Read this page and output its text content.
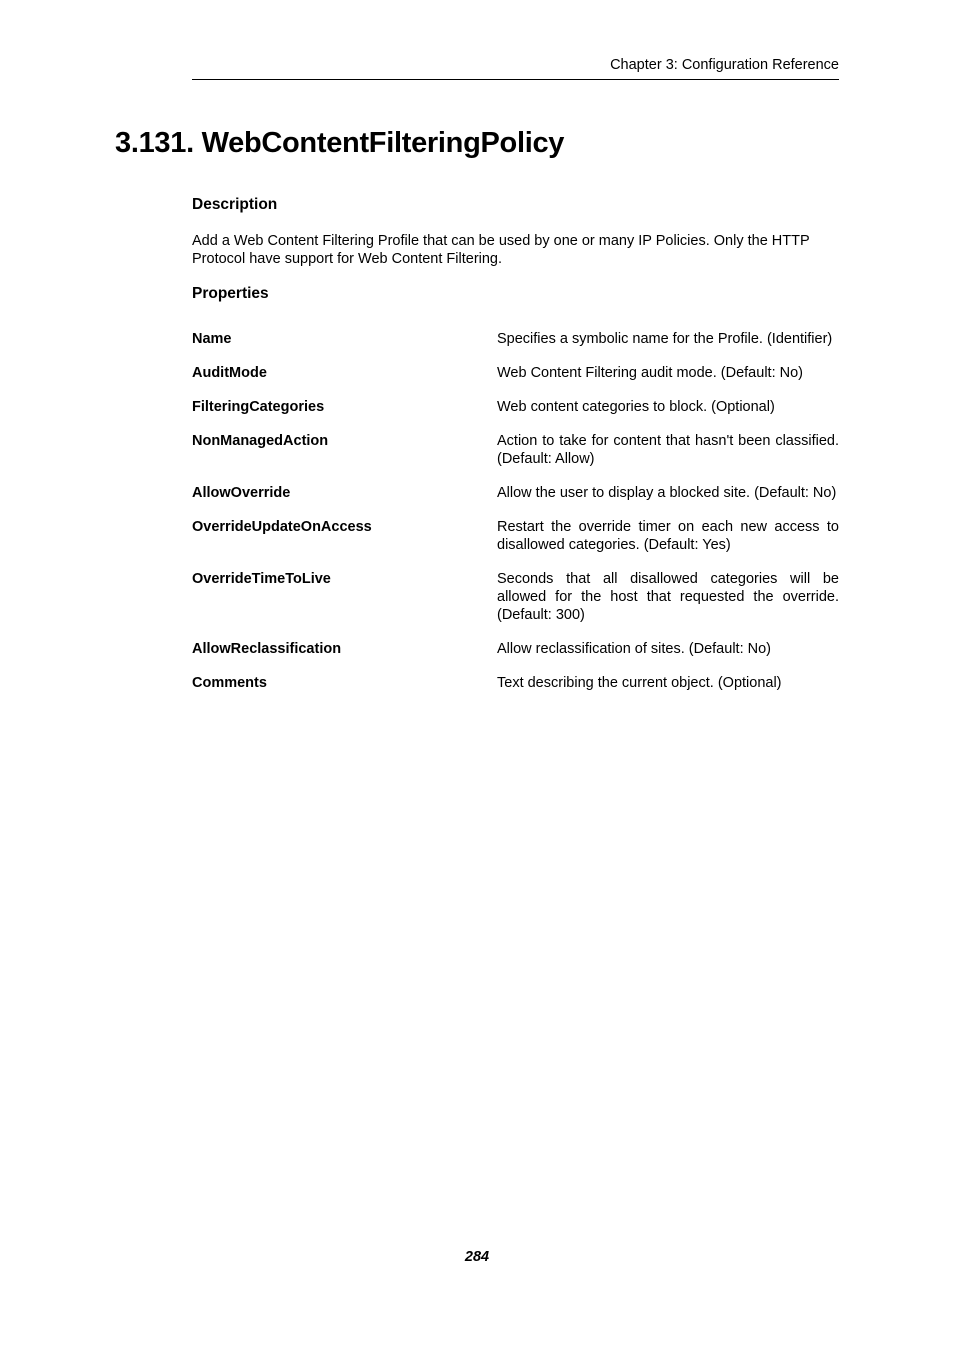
Chapter 3: Configuration Reference
3.131. WebContentFilteringPolicy
Description

Add a Web Content Filtering Profile that can be used by one or many IP Policies. Only the HTTP Protocol have support for Web Content Filtering.

Properties
Name	Specifies a symbolic name for the Profile. (Identifier)
AuditMode	Web Content Filtering audit mode. (Default: No)
FilteringCategories	Web content categories to block. (Optional)
NonManagedAction	Action to take for content that hasn't been classified. (Default: Allow)
AllowOverride	Allow the user to display a blocked site. (Default: No)
OverrideUpdateOnAccess	Restart the override timer on each new access to disallowed categories. (Default: Yes)
OverrideTimeToLive	Seconds that all disallowed categories will be allowed for the host that requested the override. (Default: 300)
AllowReclassification	Allow reclassification of sites. (Default: No)
Comments	Text describing the current object. (Optional)
284
